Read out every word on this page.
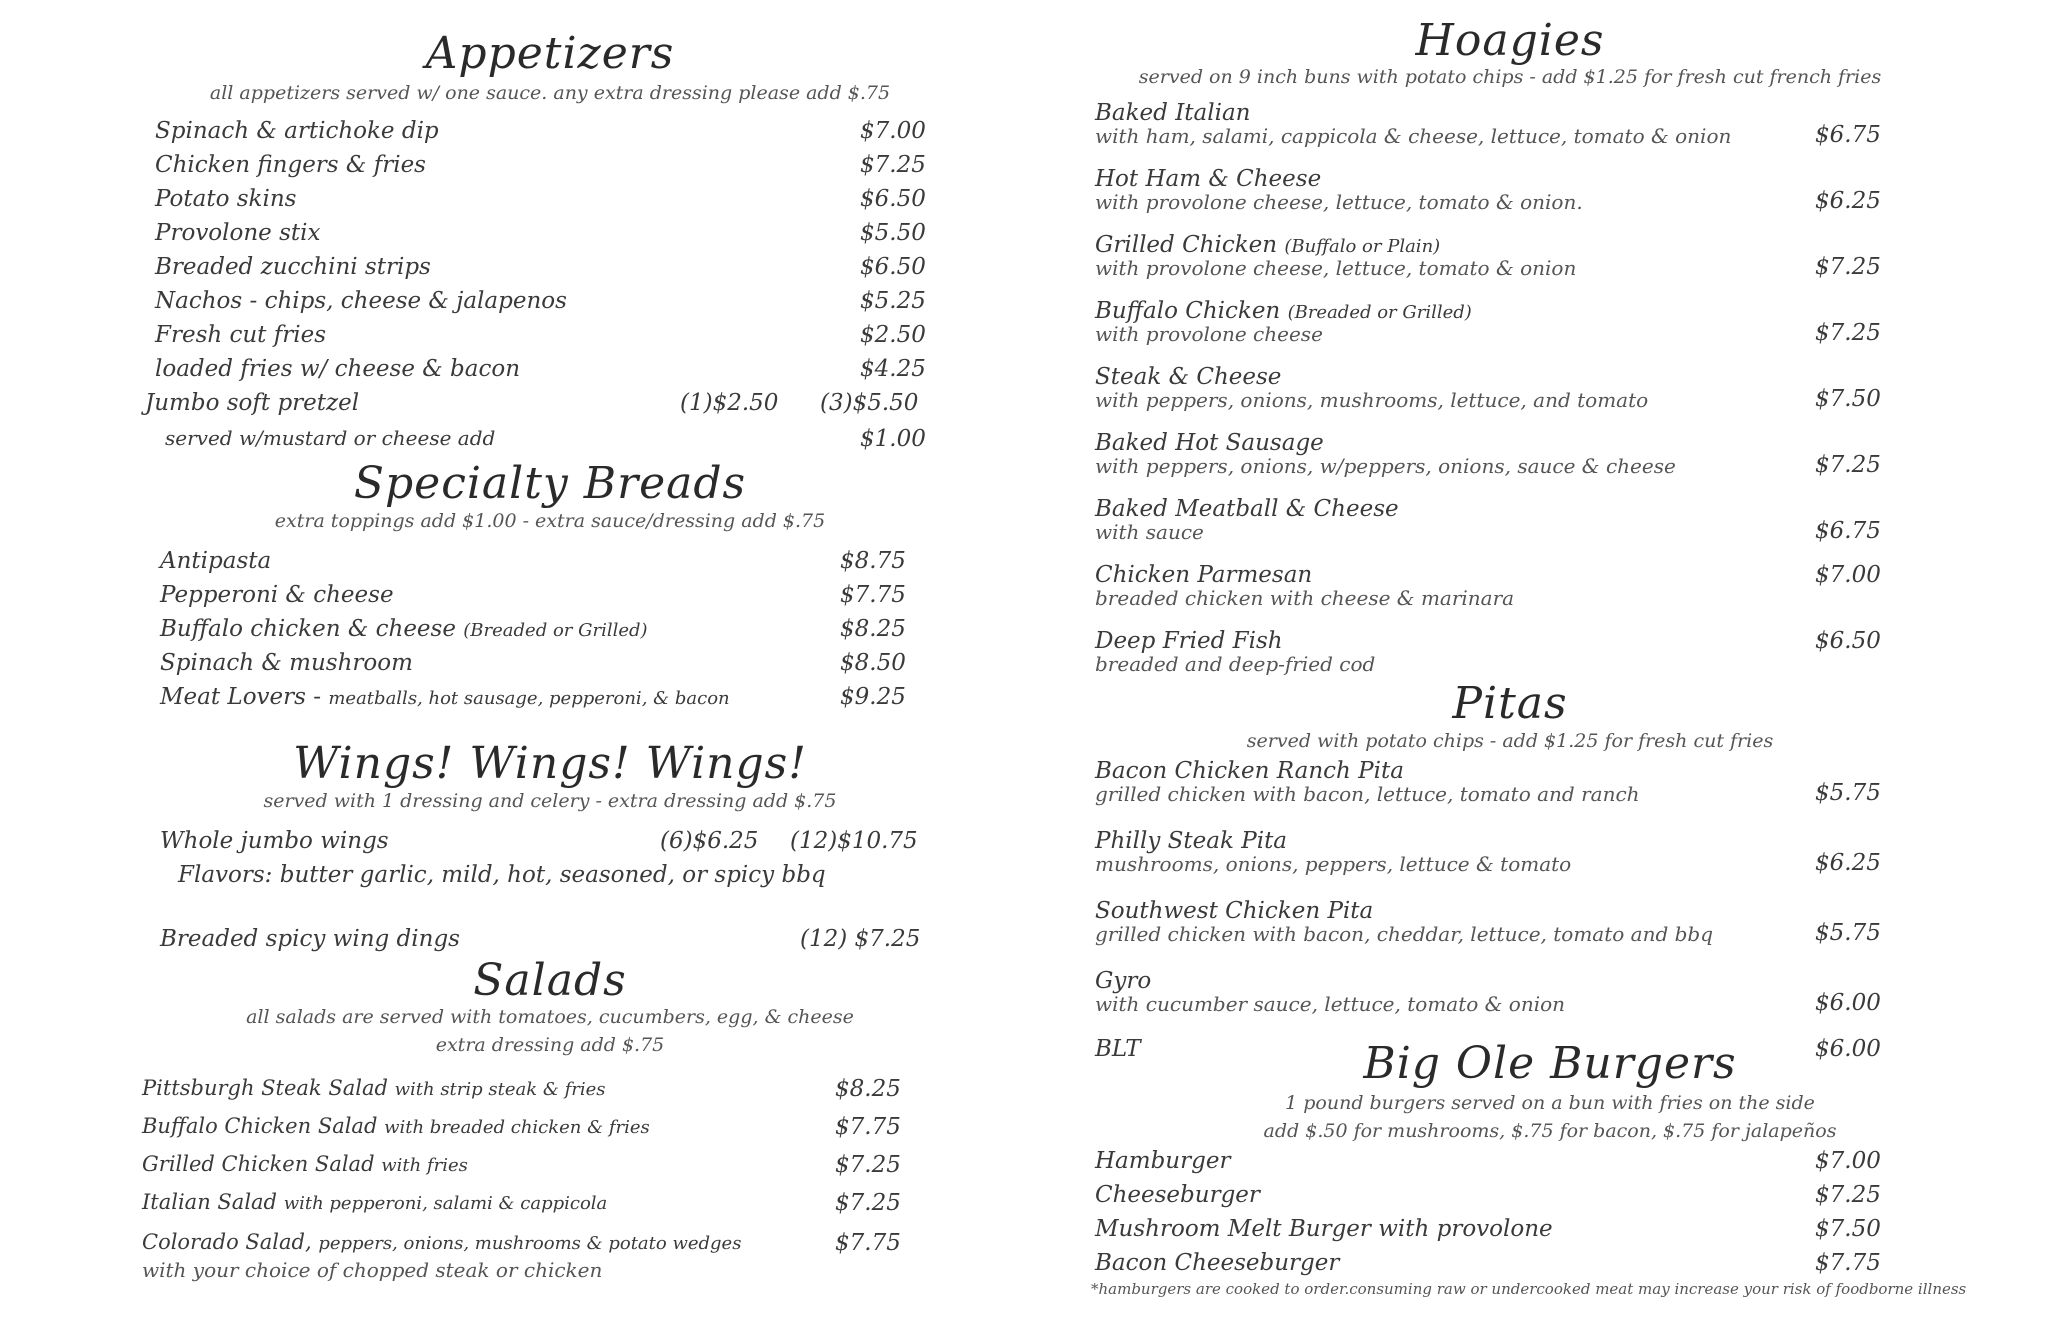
Appetizers
all appetizers served w/ one sauce. any extra dressing please add $.75
Spinach & artichoke dip	$7.00
Chicken fingers & fries	$7.25
Potato skins	$6.50
Provolone stix	$5.50
Breaded zucchini strips	$6.50
Nachos - chips, cheese & jalapenos	$5.25
Fresh cut fries	$2.50
loaded fries w/ cheese & bacon	$4.25
Jumbo soft pretzel	(1)$2.50 (3)$5.50
served w/mustard or cheese add	$1.00
Specialty Breads
extra toppings add $1.00 - extra sauce/dressing add $.75
Antipasta	$8.75
Pepperoni & cheese	$7.75
Buffalo chicken & cheese (Breaded or Grilled)	$8.25
Spinach & mushroom	$8.50
Meat Lovers - meatballs, hot sausage, pepperoni, & bacon	$9.25
Wings! Wings! Wings!
served with 1 dressing and celery - extra dressing add $.75
Whole jumbo wings	(6)$6.25 (12)$10.75
Flavors: butter garlic, mild, hot, seasoned, or spicy bbq
Breaded spicy wing dings	(12) $7.25
Salads
all salads are served with tomatoes, cucumbers, egg, & cheese
extra dressing add $.75
Pittsburgh Steak Salad with strip steak & fries	$8.25
Buffalo Chicken Salad with breaded chicken & fries	$7.75
Grilled Chicken Salad with fries	$7.25
Italian Salad with pepperoni, salami & cappicola	$7.25
Colorado Salad, peppers, onions, mushrooms & potato wedges	$7.75
with your choice of chopped steak or chicken
Hoagies
served on 9 inch buns with potato chips - add $1.25 for fresh cut french fries
Baked Italian
with ham, salami, cappicola & cheese, lettuce, tomato & onion	$6.75
Hot Ham & Cheese
with provolone cheese, lettuce, tomato & onion.	$6.25
Grilled Chicken (Buffalo or Plain)
with provolone cheese, lettuce, tomato & onion	$7.25
Buffalo Chicken (Breaded or Grilled)
with provolone cheese	$7.25
Steak & Cheese
with peppers, onions, mushrooms, lettuce, and tomato	$7.50
Baked Hot Sausage
with peppers, onions, w/peppers, onions, sauce & cheese	$7.25
Baked Meatball & Cheese
with sauce	$6.75
Chicken Parmesan	$7.00
breaded chicken with cheese & marinara
Deep Fried Fish	$6.50
breaded and deep-fried cod
Pitas
served with potato chips - add $1.25 for fresh cut fries
Bacon Chicken Ranch Pita
grilled chicken with bacon, lettuce, tomato and ranch	$5.75
Philly Steak Pita
mushrooms, onions, peppers, lettuce & tomato	$6.25
Southwest Chicken Pita
grilled chicken with bacon, cheddar, lettuce, tomato and bbq	$5.75
Gyro
with cucumber sauce, lettuce, tomato & onion	$6.00
BLT	$6.00
Big Ole Burgers
1 pound burgers served on a bun with fries on the side
add $.50 for mushrooms, $.75 for bacon, $.75 for jalapeños
Hamburger	$7.00
Cheeseburger	$7.25
Mushroom Melt Burger with provolone	$7.50
Bacon Cheeseburger	$7.75
*hamburgers are cooked to order.consuming raw or undercooked meat may increase your risk of foodborne illness
